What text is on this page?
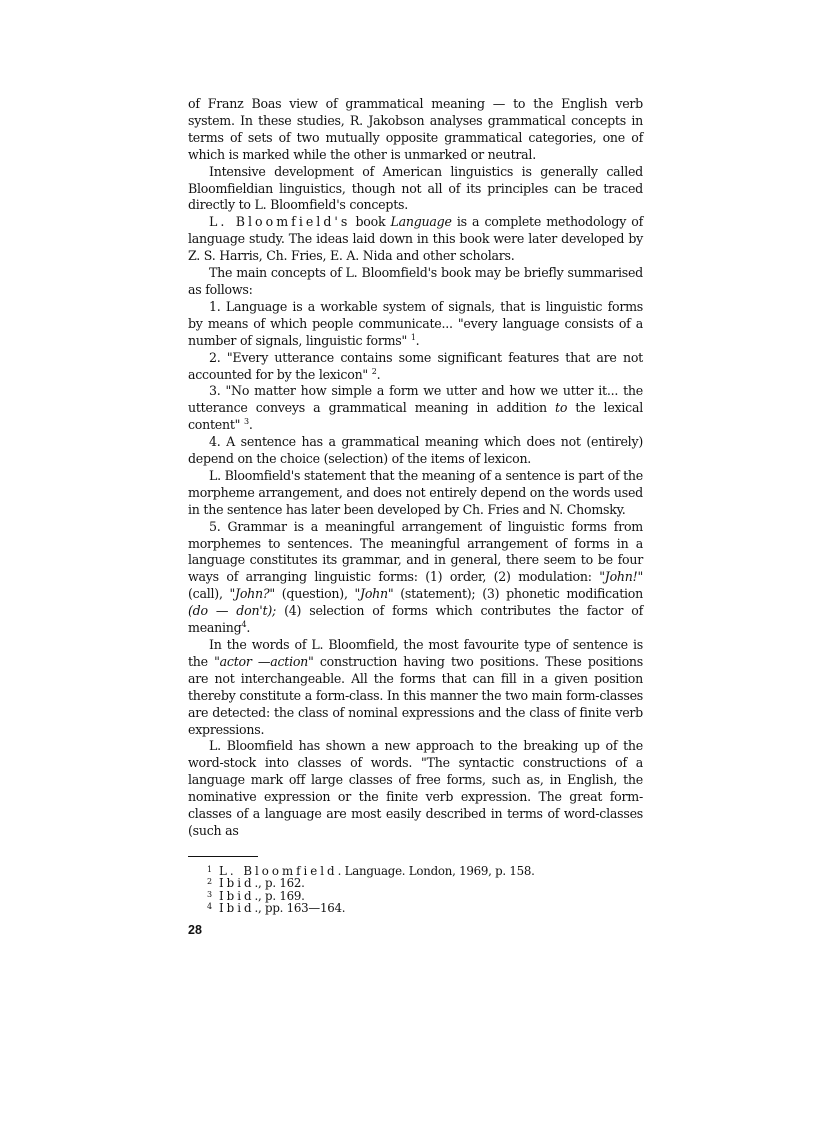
of Franz Boas view of grammatical meaning — to the English verb system. In these studies, R. Jakobson analyses grammatical concepts in terms of sets of two mutually opposite grammatical categories, one of which is marked while the other is unmarked or neutral.

Intensive development of American linguistics is generally called Bloomfieldian linguistics, though not all of its principles can be traced directly to L. Bloomfield's concepts.

L. Bloomfield's book Language is a complete methodology of language study. The ideas laid down in this book were later developed by Z. S. Harris, Ch. Fries, E. A. Nida and other scholars.

The main concepts of L. Bloomfield's book may be briefly summarised as follows:

1. Language is a workable system of signals, that is linguistic forms by means of which people communicate... "every language consists of a number of signals, linguistic forms" $^1$.

2. "Every utterance contains some significant features that are not accounted for by the lexicon" $^2$.

3. "No matter how simple a form we utter and how we utter it... the utterance conveys a grammatical meaning in addition to the lexical content" $^3$.

4. A sentence has a grammatical meaning which does not (entirely) depend on the choice (selection) of the items of lexicon.

L. Bloomfield's statement that the meaning of a sentence is part of the morpheme arrangement, and does not entirely depend on the words used in the sentence has later been developed by Ch. Fries and N. Chomsky.

5. Grammar is a meaningful arrangement of linguistic forms from morphemes to sentences. The meaningful arrangement of forms in a language constitutes its grammar, and in general, there seem to be four ways of arranging linguistic forms: (1) order, (2) modulation: "John!" (call), "John?" (question), "John" (statement); (3) phonetic modification (do — don't); (4) selection of forms which contributes the factor of meaning$^4$.

In the words of L. Bloomfield, the most favourite type of sentence is the "actor —action" construction having two positions. These positions are not interchangeable. All the forms that can fill in a given position thereby constitute a form-class. In this manner the two main form-classes are detected: the class of nominal expressions and the class of finite verb expressions.

L. Bloomfield has shown a new approach to the breaking up of the word-stock into classes of words. "The syntactic constructions of a language mark off large classes of free forms, such as, in English, the nominative expression or the finite verb expression. The great form-classes of a language are most easily described in terms of word-classes (such as

1 L. Bloomfield. Language. London, 1969, p. 158.
2 Ibid., p. 162.
3 Ibid., p. 169.
4 Ibid., pp. 163—164.
28
